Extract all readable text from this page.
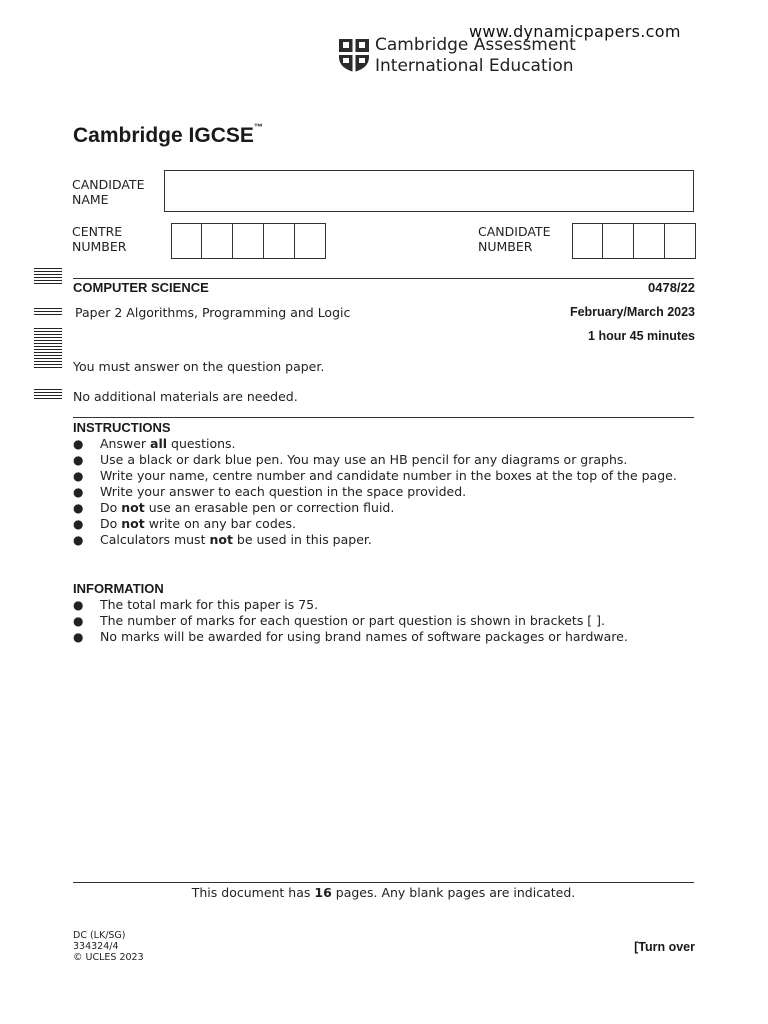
www.dynamicpapers.com
Cambridge Assessment
International Education
Cambridge IGCSE™
CANDIDATE
NAME
CENTRE
NUMBER
CANDIDATE
NUMBER
COMPUTER SCIENCE	0478/22
Paper 2 Algorithms, Programming and Logic	February/March 2023
1 hour 45 minutes
You must answer on the question paper.
No additional materials are needed.
INSTRUCTIONS
● Answer all questions.
● Use a black or dark blue pen. You may use an HB pencil for any diagrams or graphs.
● Write your name, centre number and candidate number in the boxes at the top of the page.
● Write your answer to each question in the space provided.
● Do not use an erasable pen or correction fluid.
● Do not write on any bar codes.
● Calculators must not be used in this paper.
INFORMATION
● The total mark for this paper is 75.
● The number of marks for each question or part question is shown in brackets [ ].
● No marks will be awarded for using brand names of software packages or hardware.
This document has 16 pages. Any blank pages are indicated.
DC (LK/SG)
334324/4
© UCLES 2023
[Turn over
